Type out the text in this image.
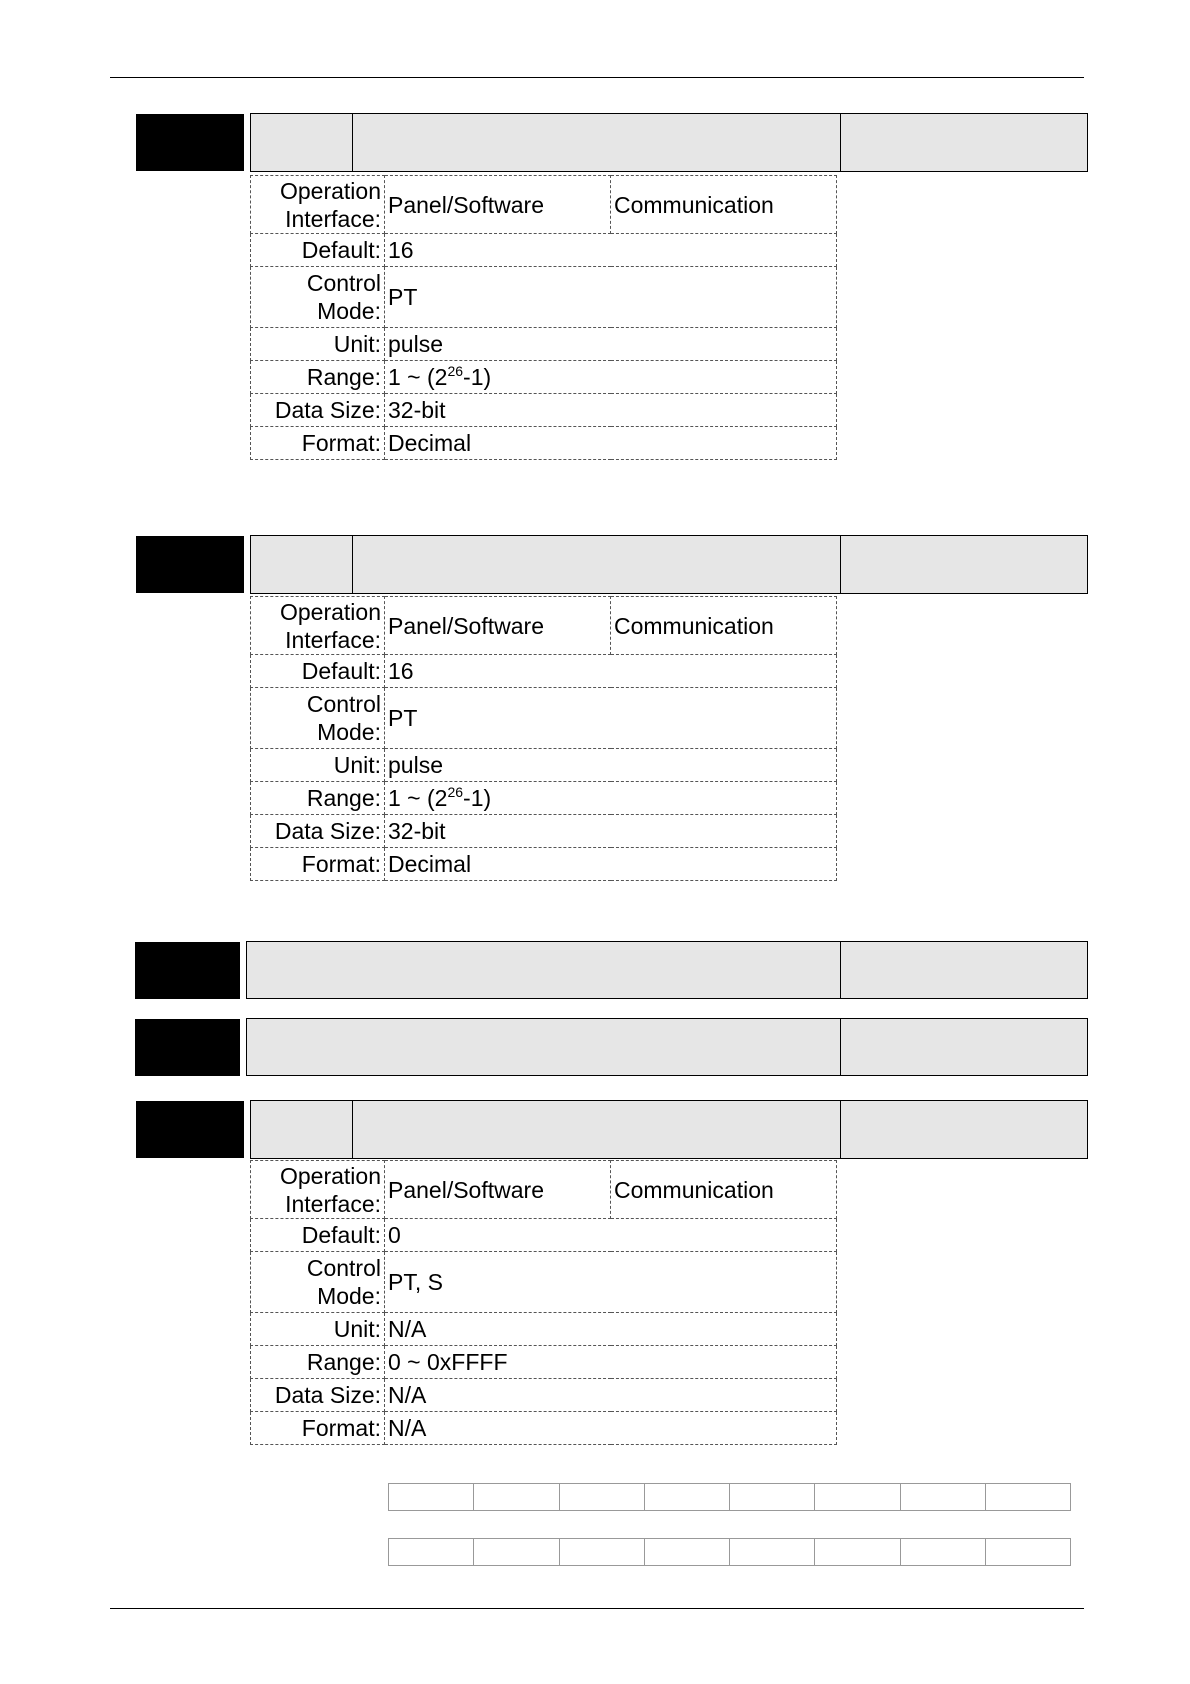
Operation
Interface:	Panel/Software	Communication
Default:	16	
Control
Mode:	PT	
Unit:	pulse	
Range:	1 ~ $(2^{26}-1)$	
Data Size:	32-bit	
Format:	Decimal	
Operation
Interface:	Panel/Software	Communication
Default:	16	
Control
Mode:	PT	
Unit:	pulse	
Range:	1 ~ $(2^{26}-1)$	
Data Size:	32-bit	
Format:	Decimal	
Operation
Interface:	Panel/Software	Communication
Default:	0	
Control
Mode:	PT, S	
Unit:	N/A	
Range:	0 ~ 0xFFFF	
Data Size:	N/A	
Format:	N/A	
